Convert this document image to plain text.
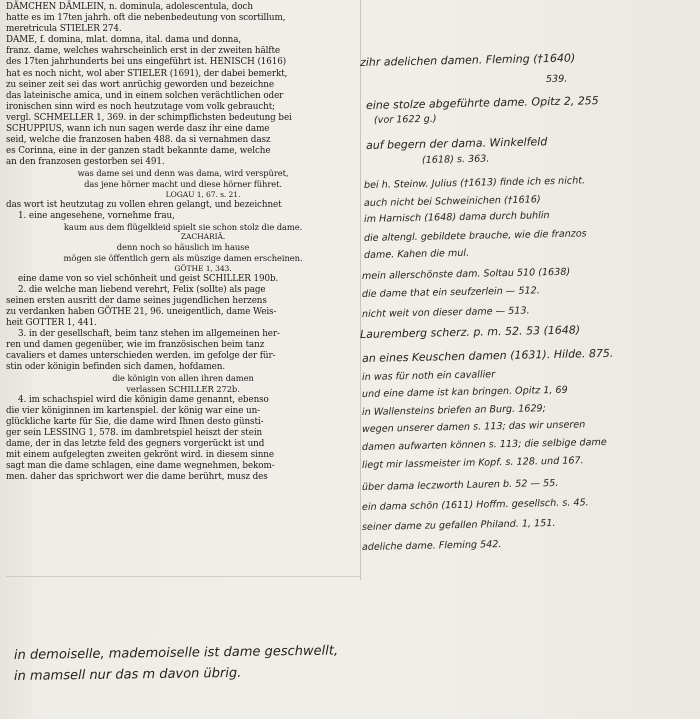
DÄMCHEN DÄMLEIN, n. dominula, adolescentula, doch
hatte es im 17ten jahrh. oft die nebenbedeutung von scortillum,
meretricula STIELER 274.
DAME, f. domina, mlat. domna, ital. dama und donna,
franz. dame, welches wahrscheinlich erst in der zweiten hälfte
des 17ten jahrhunderts bei uns eingeführt ist. HENISCH (1616)
hat es noch nicht, wol aber STIELER (1691), der dabei bemerkt,
zu seiner zeit sei das wort anrüchig geworden und bezeichne
das lateinische amica, und in einem solchen verächtlichen oder
ironischen sinn wird es noch heutzutage vom volk gebraucht;
vergl. SCHMELLER 1, 369. in der schimpflichsten bedeutung bei
SCHUPPIUS, wann ich nun sagen werde dasz ihr eine dame
seid, welche die franzosen haben 488. da si vernahmen dasz
es Corinna, eine in der ganzen stadt bekannte dame, welche
an den franzosen gestorben sei 491.
was dame sei und denn was dama, wird verspüret,
das jene hörner macht und diese hörner führet.
LOGAU 1, 67. s. 21.
das wort ist heutzutag zu vollen ehren gelangt, und bezeichnet
1. eine angesehene, vornehme frau,
kaum aus dem flügelkleid spielt sie schon stolz die dame.
ZACHARIÄ.
denn noch so häuslich im hause
mögen sie öffentlich gern als müszige damen erscheinen.
GÖTHE 1, 343.
eine dame von so viel schönheit und geist SCHILLER 190b.
2. die welche man liebend verehrt, Felix (sollte) als page
seinen ersten ausritt der dame seines jugendlichen herzens
zu verdanken haben GÖTHE 21, 96. uneigentlich, dame Weis-
heit GOTTER 1, 441.
3. in der gesellschaft, beim tanz stehen im allgemeinen her-
ren und damen gegenüber, wie im französischen beim tanz
cavaliers et dames unterschieden werden. im gefolge der für-
stin oder königin befinden sich damen, hofdamen.
die königin von allen ihren damen
verlassen SCHILLER 272b.
4. im schachspiel wird die königin dame genannt, ebenso
die vier königinnen im kartenspiel. der könig war eine un-
glückliche karte für Sie, die dame wird Ihnen desto günsti-
ger sein LESSING 1, 578. im dambretspiel heiszt der stein
dame, der in das letzte feld des gegners vorgerückt ist und
mit einem aufgelegten zweiten gekrönt wird. in diesem sinne
sagt man die dame schlagen, eine dame wegnehmen, bekom-
men. daher das sprichwort wer die dame berührt, musz des
zihr adelichen damen. Fleming (†1640)
539.
eine stolze abgeführte dame. Opitz 2, 255
(vor 1622 g.)
auf begern der dama. Winkelfeld
(1618) s. 363.
bei h. Steinw. Julius (†1613) finde ich es nicht.
auch nicht bei Schweinichen (†1616)
im Harnisch (1648) dama durch buhlin
die altengl. gebildete brauche, wie die franzos
dame. Kahen die mul.
mein allerschönste dam. Soltau 510 (1638)
die dame that ein seufzerlein — 512.
nicht weit von dieser dame — 513.
Lauremberg scherz. p. m. 52. 53 (1648)
an eines Keuschen damen (1631). Hilde. 875.
in was für noth ein cavallier
und eine dame ist kan bringen. Opitz 1, 69
in Wallensteins briefen an Burg. 1629;
wegen unserer damen s. 113; das wir unseren
damen aufwarten können s. 113; die selbige dame
liegt mir lassmeister im Kopf. s. 128. und 167.
über dama leczworth Lauren b. 52 — 55.
ein dama schön (1611) Hoffm. gesellsch. s. 45.
seiner dame zu gefallen Philand. 1, 151.
adeliche dame. Fleming 542.
in demoiselle, mademoiselle ist dame geschwellt,
in mamsell nur das m davon übrig.
